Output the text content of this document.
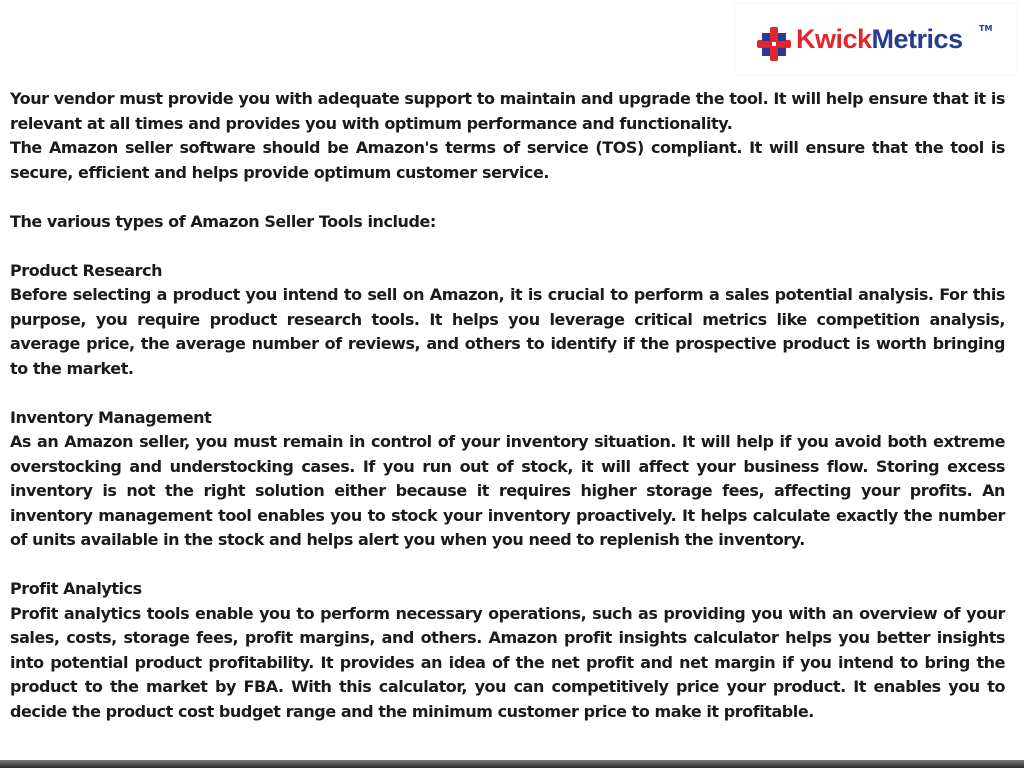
KwickMetrics TM

Your vendor must provide you with adequate support to maintain and upgrade the tool. It will help ensure that it is relevant at all times and provides you with optimum performance and functionality.

The Amazon seller software should be Amazon's terms of service (TOS) compliant. It will ensure that the tool is secure, efficient and helps provide optimum customer service.

The various types of Amazon Seller Tools include:

Product Research

Before selecting a product you intend to sell on Amazon, it is crucial to perform a sales potential analysis. For this purpose, you require product research tools. It helps you leverage critical metrics like competition analysis, average price, the average number of reviews, and others to identify if the prospective product is worth bringing to the market.

Inventory Management

As an Amazon seller, you must remain in control of your inventory situation. It will help if you avoid both extreme overstocking and understocking cases. If you run out of stock, it will affect your business flow. Storing excess inventory is not the right solution either because it requires higher storage fees, affecting your profits. An inventory management tool enables you to stock your inventory proactively. It helps calculate exactly the number of units available in the stock and helps alert you when you need to replenish the inventory.

Profit Analytics

Profit analytics tools enable you to perform necessary operations, such as providing you with an overview of your sales, costs, storage fees, profit margins, and others. Amazon profit insights calculator helps you better insights into potential product profitability. It provides an idea of the net profit and net margin if you intend to bring the product to the market by FBA. With this calculator, you can competitively price your product. It enables you to decide the product cost budget range and the minimum customer price to make it profitable.
